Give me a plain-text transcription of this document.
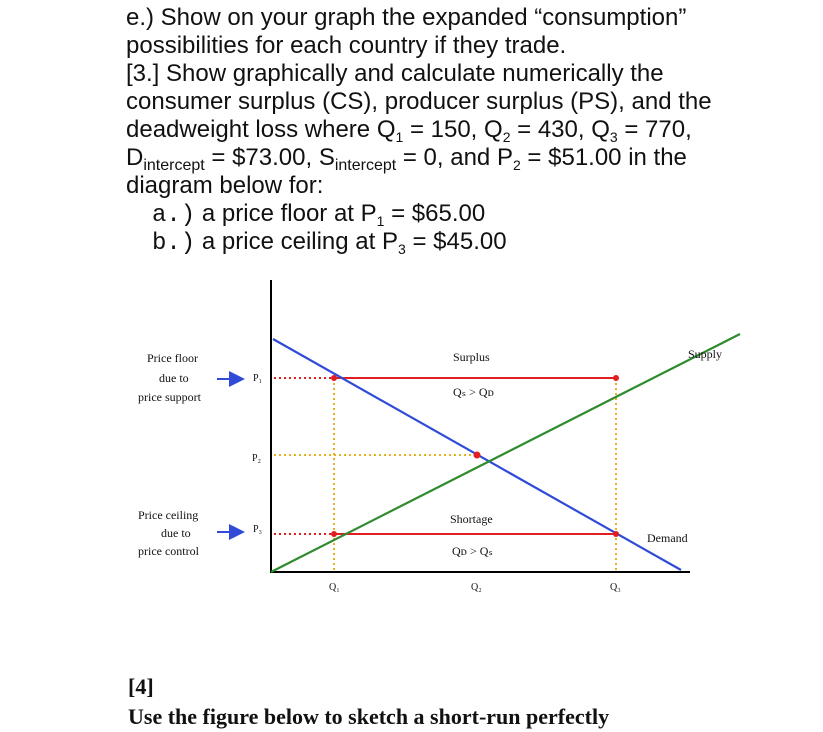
e.) Show on your graph the expanded “consumption”
possibilities for each country if they trade.
[3.] Show graphically and calculate numerically the
consumer surplus (CS), producer surplus (PS), and the
deadweight loss where $Q_1 = 150$, $Q_2 = 430$, $Q_3 = 770$,
$D_{intercept}$ = $73.00, $S_{intercept} = 0$, and $P_2$ = $51.00 in the
diagram below for:
a.) a price floor at $P_1$ = $65.00
b.) a price ceiling at $P_3$ = $45.00
Price floor
due to
price support
Price ceiling
due to
price control
P₁
P₂
P₃
Q₁	Q₂	Q₃
Surplus
Qₛ > Qᴅ
Shortage
Qᴅ > Qₛ
Supply
Demand
[4]
Use the figure below to sketch a short-run perfectly
